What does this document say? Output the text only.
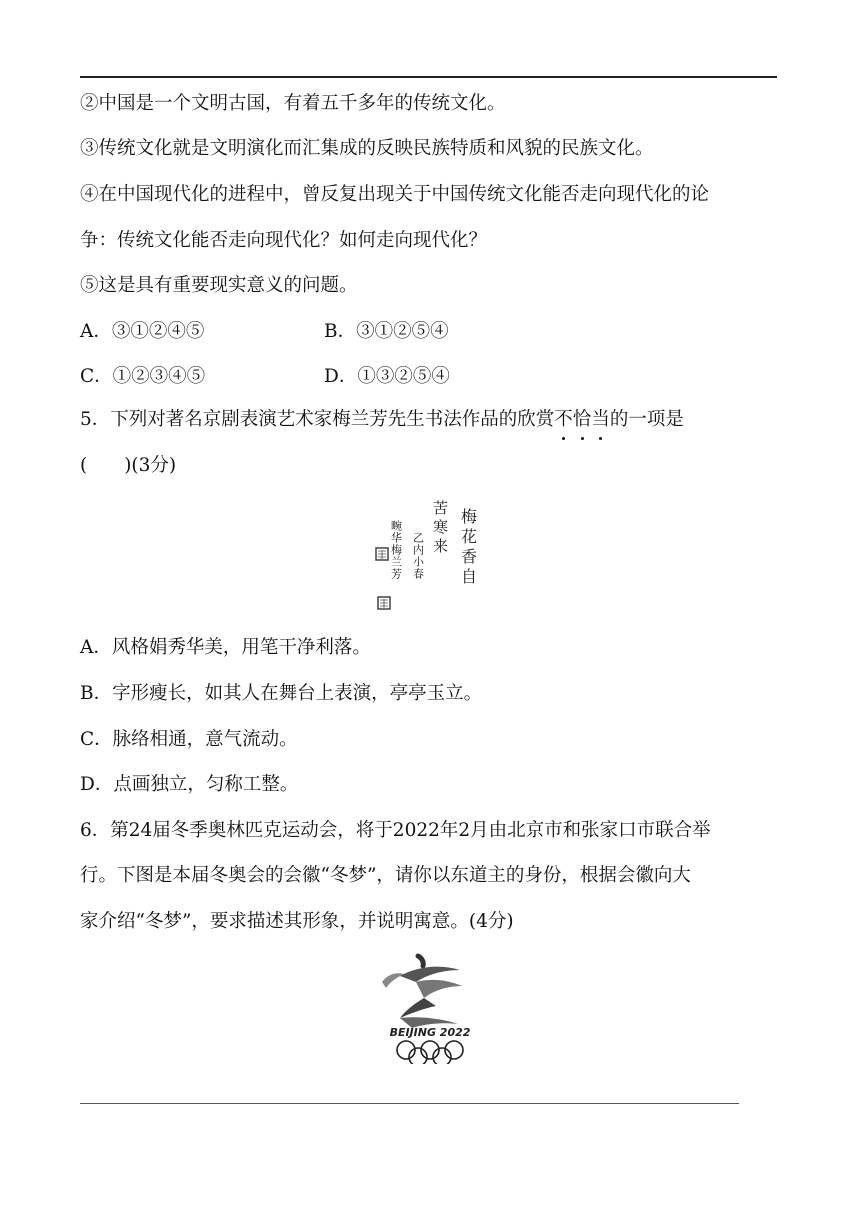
②中国是一个文明古国，有着五千多年的传统文化。
③传统文化就是文明演化而汇集成的反映民族特质和风貌的民族文化。
④在中国现代化的进程中，曾反复出现关于中国传统文化能否走向现代化的论
争：传统文化能否走向现代化？如何走向现代化？
⑤这是具有重要现实意义的问题。
A．③①②④⑤	B．③①②⑤④
C．①②③④⑤	D．①③②⑤④
5．下列对著名京剧表演艺术家梅兰芳先生书法作品的欣赏不恰当的一项是
(　　)(3分)
梅花香自
苦寒来
乙内小春
畹华梅兰芳
A．风格娟秀华美，用笔干净利落。
B．字形瘦长，如其人在舞台上表演，亭亭玉立。
C．脉络相通，意气流动。
D．点画独立，匀称工整。
6．第24届冬季奥林匹克运动会，将于2022年2月由北京市和张家口市联合举
行。下图是本届冬奥会的会徽“冬梦”，请你以东道主的身份，根据会徽向大
家介绍“冬梦”，要求描述其形象，并说明寓意。(4分)
BEIJING 2022
